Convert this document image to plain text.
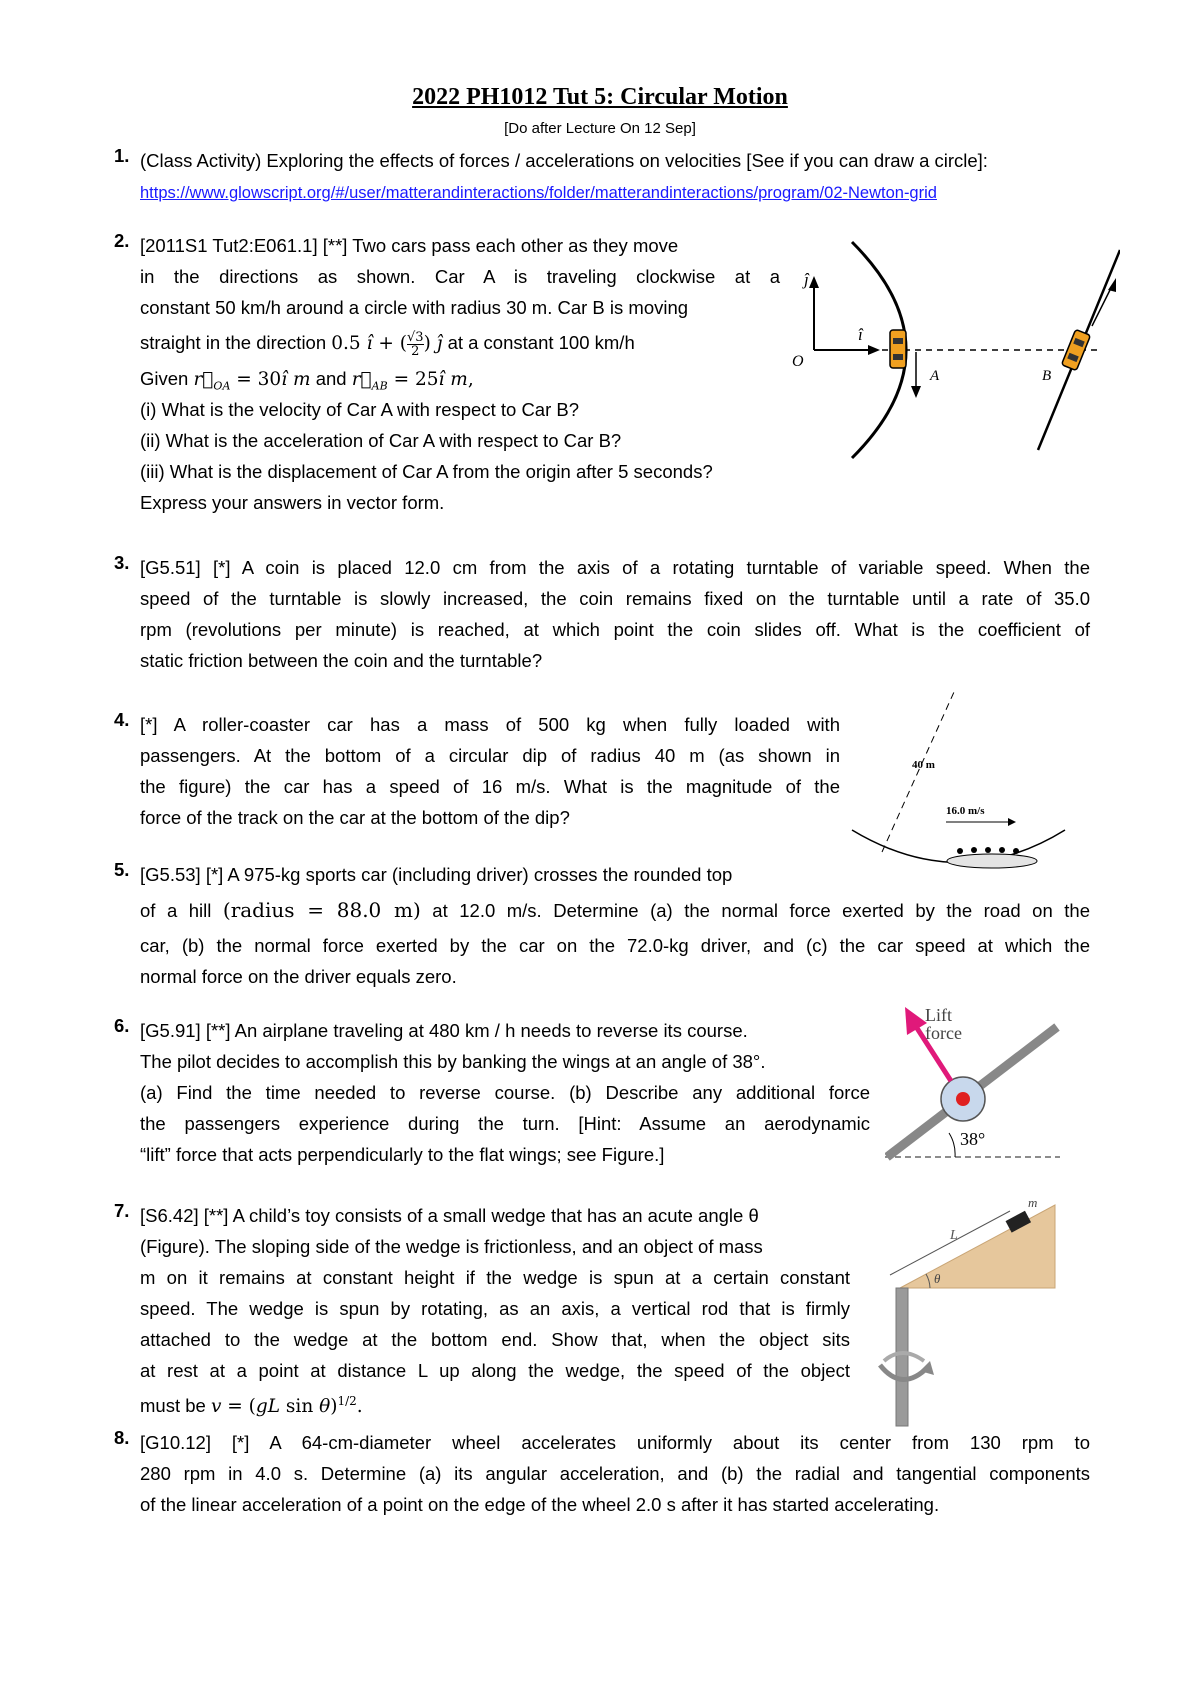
2022 PH1012 Tut 5: Circular Motion
[Do after Lecture On 12 Sep]
1. (Class Activity) Exploring the effects of forces / accelerations on velocities [See if you can draw a circle]:
https://www.glowscript.org/#/user/matterandinteractions/folder/matterandinteractions/program/02-Newton-grid
2. [2011S1 Tut2:E061.1] [**] Two cars pass each other as they move
in the directions as shown. Car A is traveling clockwise at a
constant 50 km/h around a circle with radius 30 m. Car B is moving
straight in the direction 0.5 î + ( $\frac{√3}{2}$ ) ĵ at a constant 100 km/h
Given $r⃗_{OA}$ = 30î m and $r⃗_{AB}$ = 25î m,
(i) What is the velocity of Car A with respect to Car B?
(ii) What is the acceleration of Car A with respect to Car B?
(iii) What is the displacement of Car A from the origin after 5 seconds?
Express your answers in vector form.
ĵ
î
O
A	B
3. [G5.51] [*] A coin is placed 12.0 cm from the axis of a rotating turntable of variable speed. When the
speed of the turntable is slowly increased, the coin remains fixed on the turntable until a rate of 35.0
rpm (revolutions per minute) is reached, at which point the coin slides off. What is the coefficient of
static friction between the coin and the turntable?
4. [*] A roller-coaster car has a mass of 500 kg when fully loaded with
passengers. At the bottom of a circular dip of radius 40 m (as shown in
the figure) the car has a speed of 16 m/s. What is the magnitude of the
force of the track on the car at the bottom of the dip?
40 m
16.0 m/s
5. [G5.53] [*] A 975-kg sports car (including driver) crosses the rounded top
of a hill (radius = 88.0 m) at 12.0 m/s. Determine (a) the normal force exerted by the road on the
car, (b) the normal force exerted by the car on the 72.0-kg driver, and (c) the car speed at which the
normal force on the driver equals zero.
6. [G5.91] [**] An airplane traveling at 480 km / h needs to reverse its course.
The pilot decides to accomplish this by banking the wings at an angle of 38°.
(a) Find the time needed to reverse course. (b) Describe any additional force
the passengers experience during the turn. [Hint: Assume an aerodynamic
“lift” force that acts perpendicularly to the flat wings; see Figure.]
Lift
force
38°
7. [S6.42] [**] A child’s toy consists of a small wedge that has an acute angle θ
(Figure). The sloping side of the wedge is frictionless, and an object of mass
m on it remains at constant height if the wedge is spun at a certain constant
speed. The wedge is spun by rotating, as an axis, a vertical rod that is firmly
attached to the wedge at the bottom end. Show that, when the object sits
at rest at a point at distance L up along the wedge, the speed of the object
must be v = (gL sin θ)$^{1/2}$.
m
L
θ
8. [G10.12] [*] A 64-cm-diameter wheel accelerates uniformly about its center from 130 rpm to
280 rpm in 4.0 s. Determine (a) its angular acceleration, and (b) the radial and tangential components
of the linear acceleration of a point on the edge of the wheel 2.0 s after it has started accelerating.
